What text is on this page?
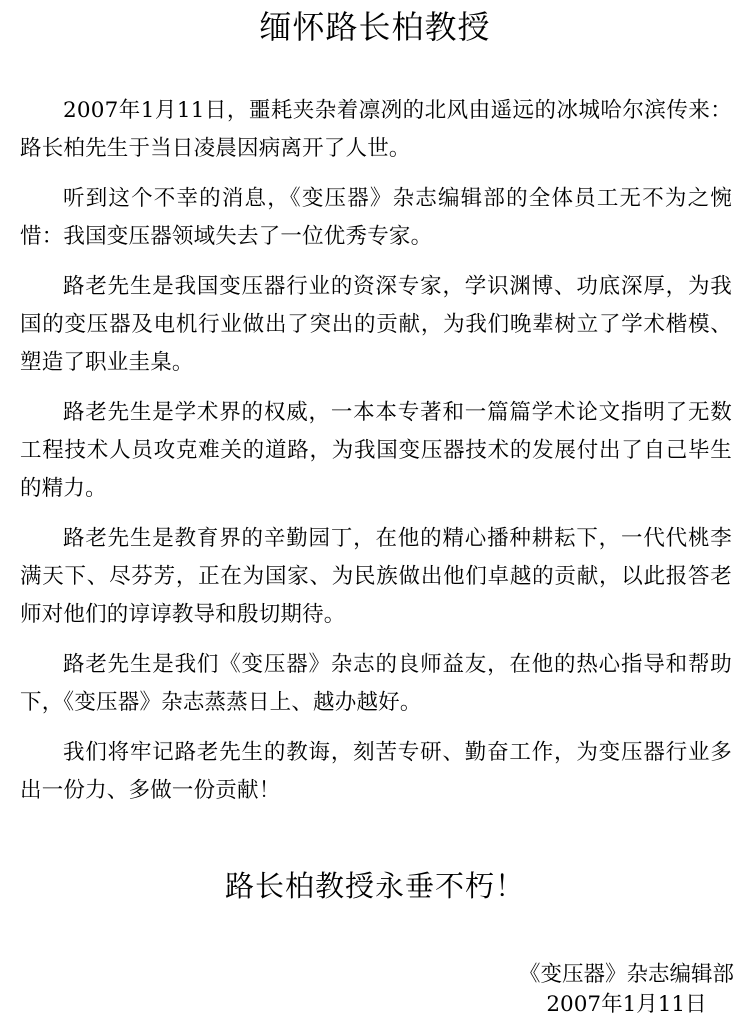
缅怀路长柏教授

2007年1月11日，噩耗夹杂着凛冽的北风由遥远的冰城哈尔滨传来：路长柏先生于当日凌晨因病离开了人世。

听到这个不幸的消息，《变压器》杂志编辑部的全体员工无不为之惋惜：我国变压器领域失去了一位优秀专家。

路老先生是我国变压器行业的资深专家，学识渊博、功底深厚，为我国的变压器及电机行业做出了突出的贡献，为我们晚辈树立了学术楷模、塑造了职业圭臬。

路老先生是学术界的权威，一本本专著和一篇篇学术论文指明了无数工程技术人员攻克难关的道路，为我国变压器技术的发展付出了自己毕生的精力。

路老先生是教育界的辛勤园丁，在他的精心播种耕耘下，一代代桃李满天下、尽芬芳，正在为国家、为民族做出他们卓越的贡献，以此报答老师对他们的谆谆教导和殷切期待。

路老先生是我们《变压器》杂志的良师益友，在他的热心指导和帮助下，《变压器》杂志蒸蒸日上、越办越好。

我们将牢记路老先生的教诲，刻苦专研、勤奋工作，为变压器行业多出一份力、多做一份贡献！

路长柏教授永垂不朽！
《变压器》杂志编辑部
2007年1月11日
